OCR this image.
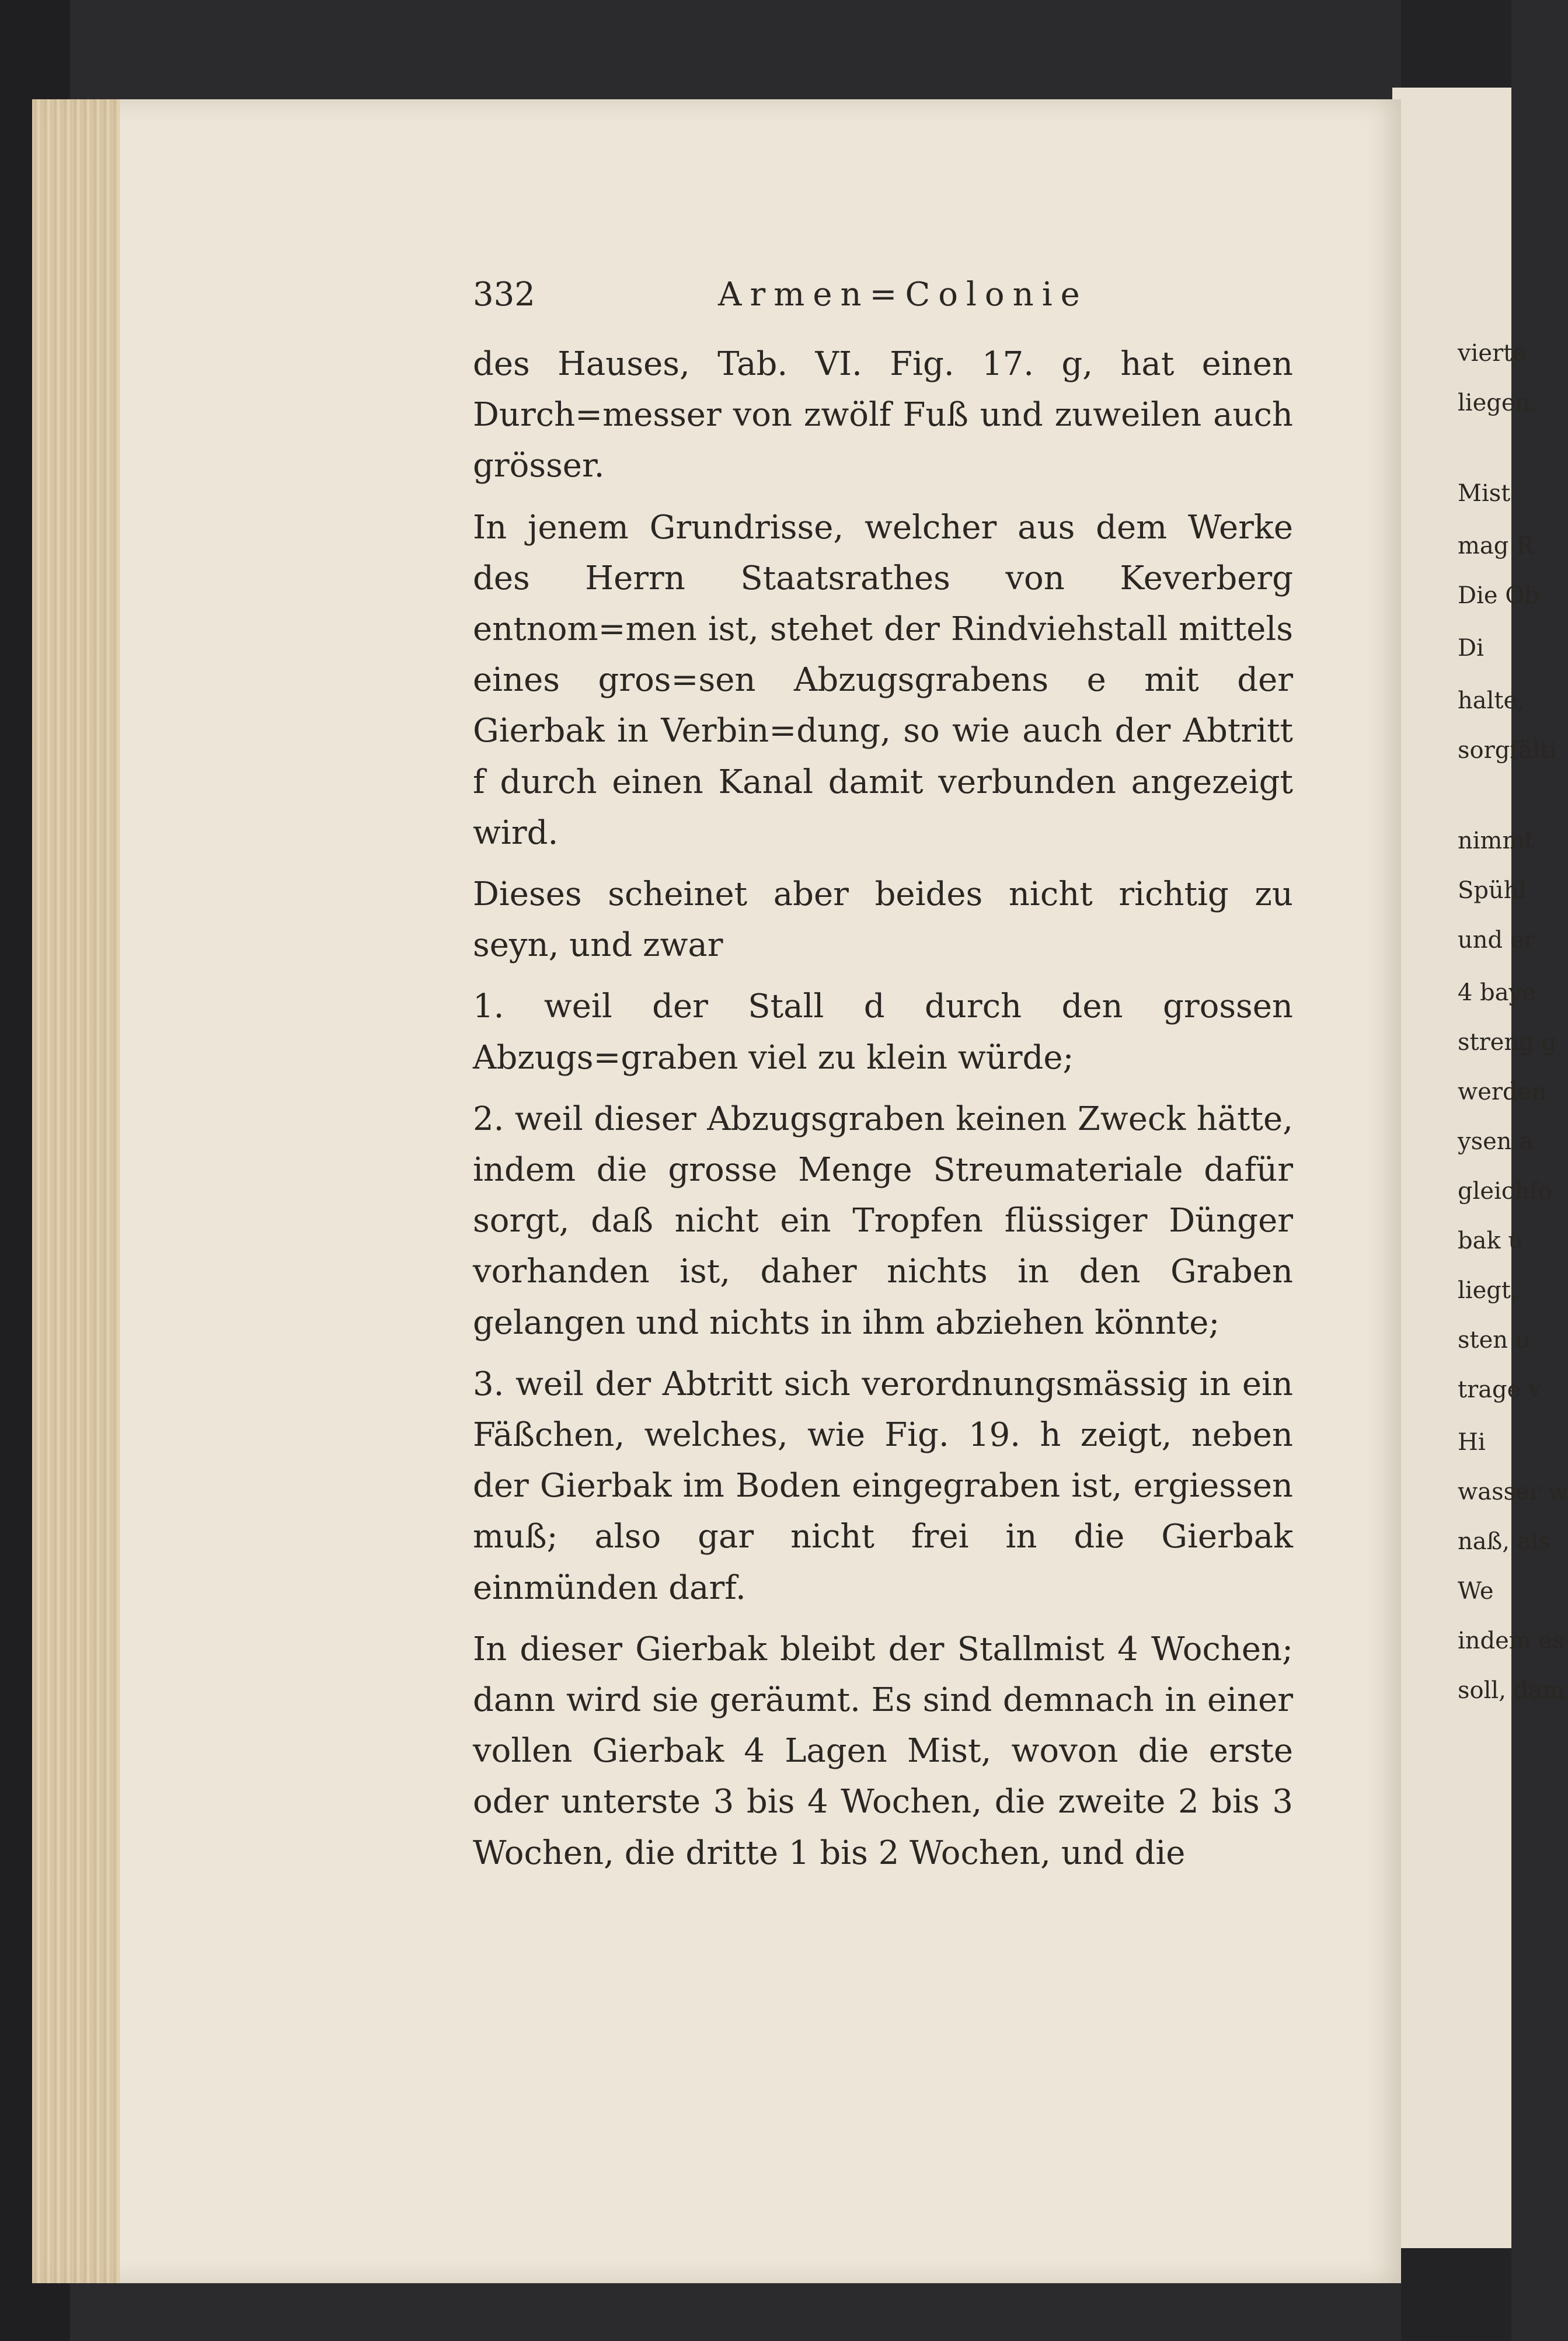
vierte
liegen.
Mist
mag R
Die Ob
Di
halte,
sorgfälti
nimmt
Spühl
und er
4 baye
streng g
werden
ysen a
gleichfo
bak u
liegt,
sten u
trage v
Hi
wasser w
naß, als
We
indem es
soll, dam
332	Armen=Colonie

des Hauses, Tab. VI. Fig. 17. g, hat einen Durch=messer von zwölf Fuß und zuweilen auch grösser.

In jenem Grundrisse, welcher aus dem Werke des Herrn Staatsrathes von Keverberg entnom=men ist, stehet der Rindviehstall mittels eines gros=sen Abzugsgrabens e mit der Gierbak in Verbin=dung, so wie auch der Abtritt f durch einen Kanal damit verbunden angezeigt wird.

Dieses scheinet aber beides nicht richtig zu seyn, und zwar

1. weil der Stall d durch den grossen Abzugs=graben viel zu klein würde;

2. weil dieser Abzugsgraben keinen Zweck hätte, indem die grosse Menge Streumateriale dafür sorgt, daß nicht ein Tropfen flüssiger Dünger vorhanden ist, daher nichts in den Graben gelangen und nichts in ihm abziehen könnte;

3. weil der Abtritt sich verordnungsmässig in ein Fäßchen, welches, wie Fig. 19. h zeigt, neben der Gierbak im Boden eingegraben ist, ergiessen muß; also gar nicht frei in die Gierbak einmünden darf.

In dieser Gierbak bleibt der Stallmist 4 Wochen; dann wird sie geräumt. Es sind demnach in einer vollen Gierbak 4 Lagen Mist, wovon die erste oder unterste 3 bis 4 Wochen, die zweite 2 bis 3 Wochen, die dritte 1 bis 2 Wochen, und die
